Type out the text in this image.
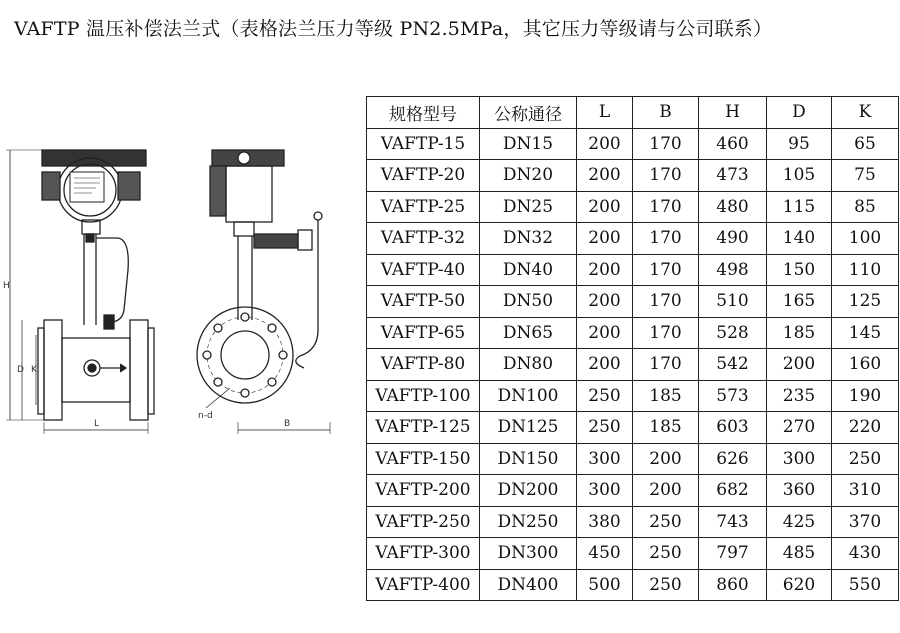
VAFTP 温压补偿法兰式（表格法兰压力等级 PN2.5MPa，其它压力等级请与公司联系）
H
D K
L	B
n-d
规格型号	公称通径	L	B	H	D	K
VAFTP-15	DN15	200	170	460	95	65
VAFTP-20	DN20	200	170	473	105	75
VAFTP-25	DN25	200	170	480	115	85
VAFTP-32	DN32	200	170	490	140	100
VAFTP-40	DN40	200	170	498	150	110
VAFTP-50	DN50	200	170	510	165	125
VAFTP-65	DN65	200	170	528	185	145
VAFTP-80	DN80	200	170	542	200	160
VAFTP-100	DN100	250	185	573	235	190
VAFTP-125	DN125	250	185	603	270	220
VAFTP-150	DN150	300	200	626	300	250
VAFTP-200	DN200	300	200	682	360	310
VAFTP-250	DN250	380	250	743	425	370
VAFTP-300	DN300	450	250	797	485	430
VAFTP-400	DN400	500	250	860	620	550
